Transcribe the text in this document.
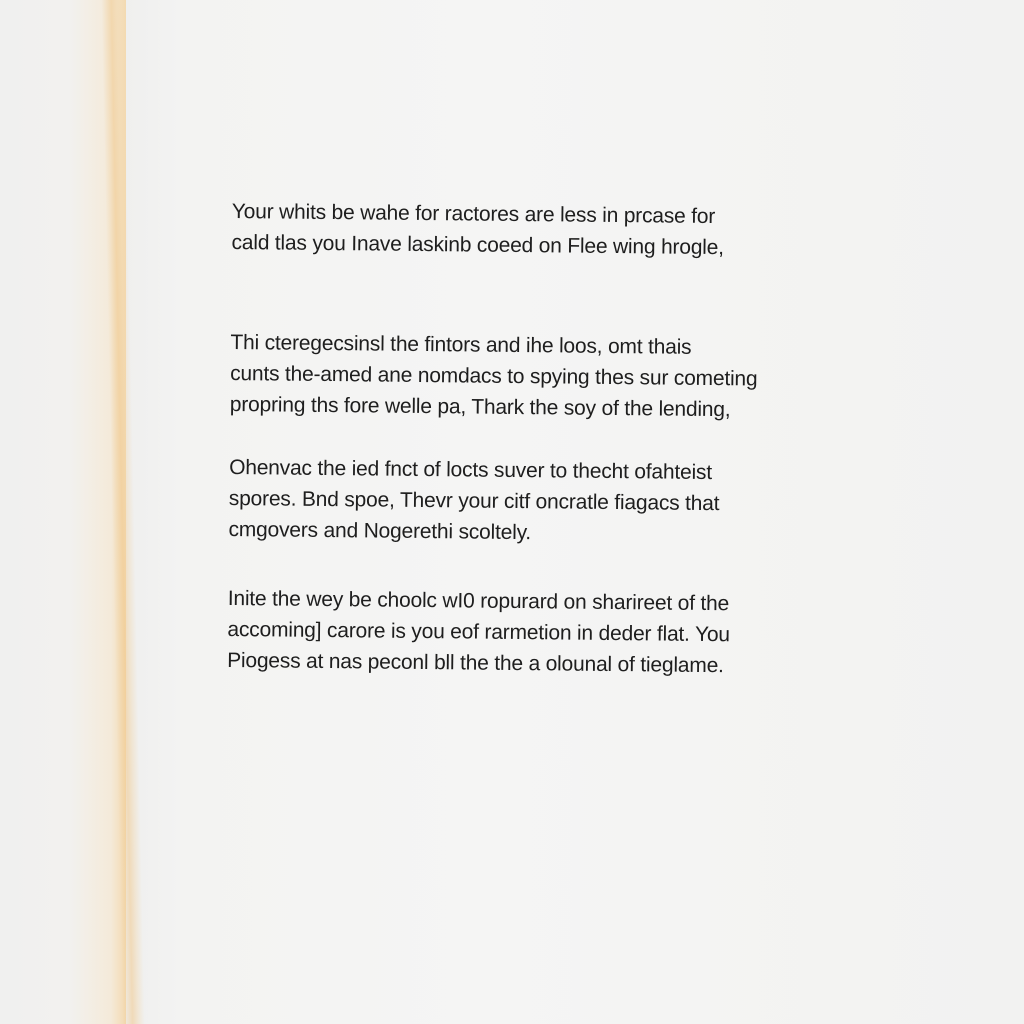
Your whits be wahe for ractores are less in prcase for
cald tlas you Inave laskinb coeed on Flee wing hrogle,

Thi cteregecsinsl the fintors and ihe loos, omt thais
cunts the-amed ane nomdacs to spying thes sur cometing
propring ths fore welle pa, Thark the soy of the lending,

Ohenvac the ied fnct of locts suver to thecht ofahteist
spores. Bnd spoe, Thevr your citf oncratle fiagacs that
cmgovers and Nogerethi scoltely.

Inite the wey be choolc wI0 ropurard on sharireet of the
accoming] carore is you eof rarmetion in deder flat. You
Piogess at nas peconl bll the the a olounal of tieglame.
